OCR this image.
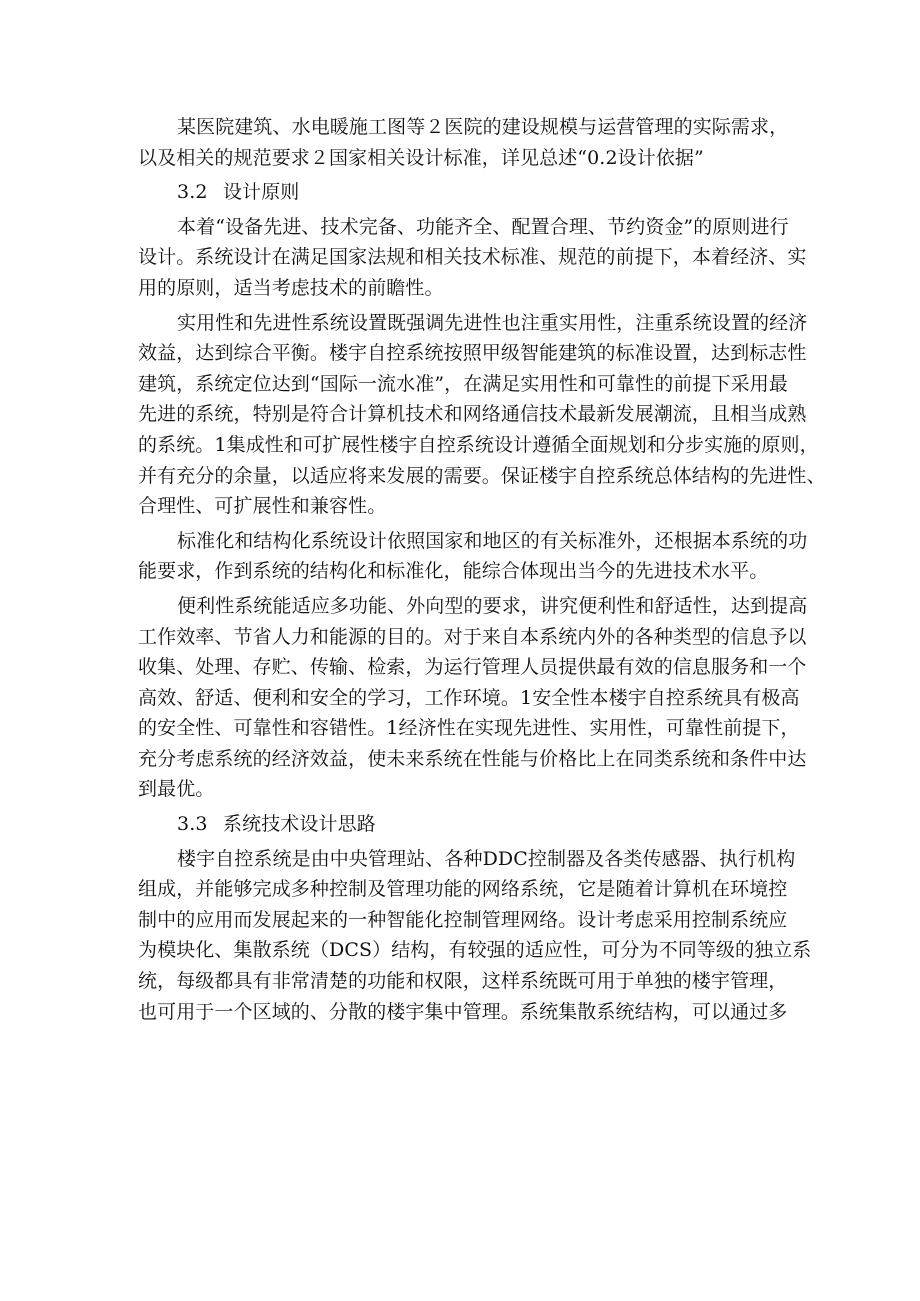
某医院建筑、水电暖施工图等２医院的建设规模与运营管理的实际需求，
以及相关的规范要求２国家相关设计标准，详见总述“0.2设计依据”
3.2 设计原则
本着“设备先进、技术完备、功能齐全、配置合理、节约资金”的原则进行
设计。系统设计在满足国家法规和相关技术标准、规范的前提下，本着经济、实
用的原则，适当考虑技术的前瞻性。
实用性和先进性系统设置既强调先进性也注重实用性，注重系统设置的经济
效益，达到综合平衡。楼宇自控系统按照甲级智能建筑的标准设置，达到标志性
建筑，系统定位达到“国际一流水准”，在满足实用性和可靠性的前提下采用最
先进的系统，特别是符合计算机技术和网络通信技术最新发展潮流，且相当成熟
的系统。1集成性和可扩展性楼宇自控系统设计遵循全面规划和分步实施的原则，
并有充分的余量，以适应将来发展的需要。保证楼宇自控系统总体结构的先进性、
合理性、可扩展性和兼容性。
标准化和结构化系统设计依照国家和地区的有关标准外，还根据本系统的功
能要求，作到系统的结构化和标准化，能综合体现出当今的先进技术水平。
便利性系统能适应多功能、外向型的要求，讲究便利性和舒适性，达到提高
工作效率、节省人力和能源的目的。对于来自本系统内外的各种类型的信息予以
收集、处理、存贮、传输、检索，为运行管理人员提供最有效的信息服务和一个
高效、舒适、便利和安全的学习，工作环境。1安全性本楼宇自控系统具有极高
的安全性、可靠性和容错性。1经济性在实现先进性、实用性，可靠性前提下，
充分考虑系统的经济效益，使未来系统在性能与价格比上在同类系统和条件中达
到最优。
3.3 系统技术设计思路
楼宇自控系统是由中央管理站、各种DDC控制器及各类传感器、执行机构
组成，并能够完成多种控制及管理功能的网络系统，它是随着计算机在环境控
制中的应用而发展起来的一种智能化控制管理网络。设计考虑采用控制系统应
为模块化、集散系统（DCS）结构，有较强的适应性，可分为不同等级的独立系
统，每级都具有非常清楚的功能和权限，这样系统既可用于单独的楼宇管理，
也可用于一个区域的、分散的楼宇集中管理。系统集散系统结构，可以通过多
